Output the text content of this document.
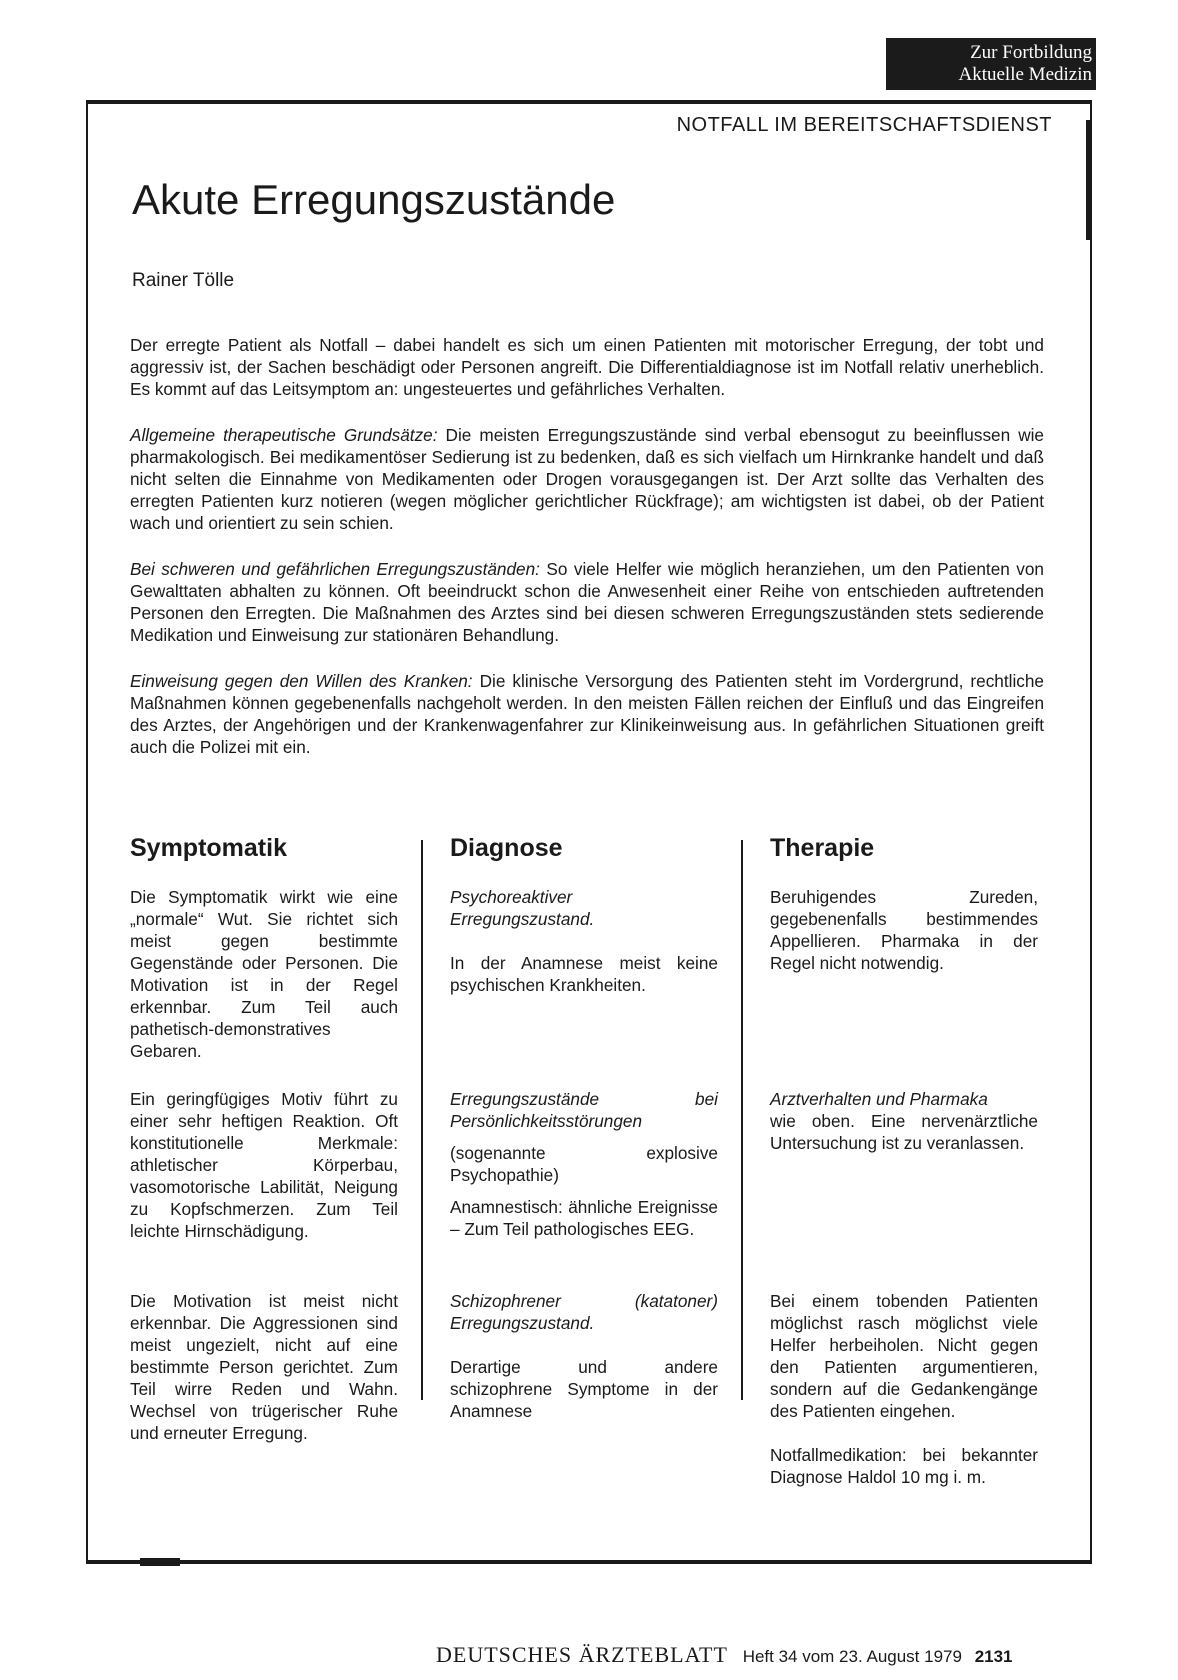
Zur Fortbildung
Aktuelle Medizin
NOTFALL IM BEREITSCHAFTSDIENST
Akute Erregungszustände
Rainer Tölle

Der erregte Patient als Notfall – dabei handelt es sich um einen Patienten mit motorischer Erregung, der tobt und aggressiv ist, der Sachen beschädigt oder Personen angreift. Die Differentialdiagnose ist im Notfall relativ unerheblich. Es kommt auf das Leitsymptom an: ungesteuertes und gefährliches Verhalten.

Allgemeine therapeutische Grundsätze: Die meisten Erregungszustände sind verbal ebensogut zu beeinflussen wie pharmakologisch. Bei medikamentöser Sedierung ist zu bedenken, daß es sich vielfach um Hirnkranke handelt und daß nicht selten die Einnahme von Medikamenten oder Drogen vorausgegangen ist. Der Arzt sollte das Verhalten des erregten Patienten kurz notieren (wegen möglicher gerichtlicher Rückfrage); am wichtigsten ist dabei, ob der Patient wach und orientiert zu sein schien.

Bei schweren und gefährlichen Erregungszuständen: So viele Helfer wie möglich heranziehen, um den Patienten von Gewalttaten abhalten zu können. Oft beeindruckt schon die Anwesenheit einer Reihe von entschieden auftretenden Personen den Erregten. Die Maßnahmen des Arztes sind bei diesen schweren Erregungszuständen stets sedierende Medikation und Einweisung zur stationären Behandlung.

Einweisung gegen den Willen des Kranken: Die klinische Versorgung des Patienten steht im Vordergrund, rechtliche Maßnahmen können gegebenenfalls nachgeholt werden. In den meisten Fällen reichen der Einfluß und das Eingreifen des Arztes, der Angehörigen und der Krankenwagenfahrer zur Klinikeinweisung aus. In gefährlichen Situationen greift auch die Polizei mit ein.

Symptomatik
Die Symptomatik wirkt wie eine „normale“ Wut. Sie richtet sich meist gegen bestimmte Gegenstände oder Personen. Die Motivation ist in der Regel erkennbar. Zum Teil auch pathetisch-demonstratives Gebaren.
Ein geringfügiges Motiv führt zu einer sehr heftigen Reaktion. Oft konstitutionelle Merkmale: athletischer Körperbau, vasomotorische Labilität, Neigung zu Kopfschmerzen. Zum Teil leichte Hirnschädigung.
Die Motivation ist meist nicht erkennbar. Die Aggressionen sind meist ungezielt, nicht auf eine bestimmte Person gerichtet. Zum Teil wirre Reden und Wahn. Wechsel von trügerischer Ruhe und erneuter Erregung.
Diagnose
Psychoreaktiver Erregungszustand.
In der Anamnese meist keine psychischen Krankheiten.
Erregungszustände bei Persönlichkeitsstörungen
(sogenannte explosive Psychopathie)
Anamnestisch: ähnliche Ereignisse – Zum Teil pathologisches EEG.
Schizophrener (katatoner) Erregungszustand.
Derartige und andere schizophrene Symptome in der Anamnese
Therapie
Beruhigendes Zureden, gegebenenfalls bestimmendes Appellieren. Pharmaka in der Regel nicht notwendig.
Arztverhalten und Pharmaka
wie oben. Eine nervenärztliche Untersuchung ist zu veranlassen.
Bei einem tobenden Patienten möglichst rasch möglichst viele Helfer herbeiholen. Nicht gegen den Patienten argumentieren, sondern auf die Gedankengänge des Patienten eingehen.
Notfallmedikation: bei bekannter Diagnose Haldol 10 mg i. m.
DEUTSCHES ÄRZTEBLATT Heft 34 vom 23. August 1979 2131
